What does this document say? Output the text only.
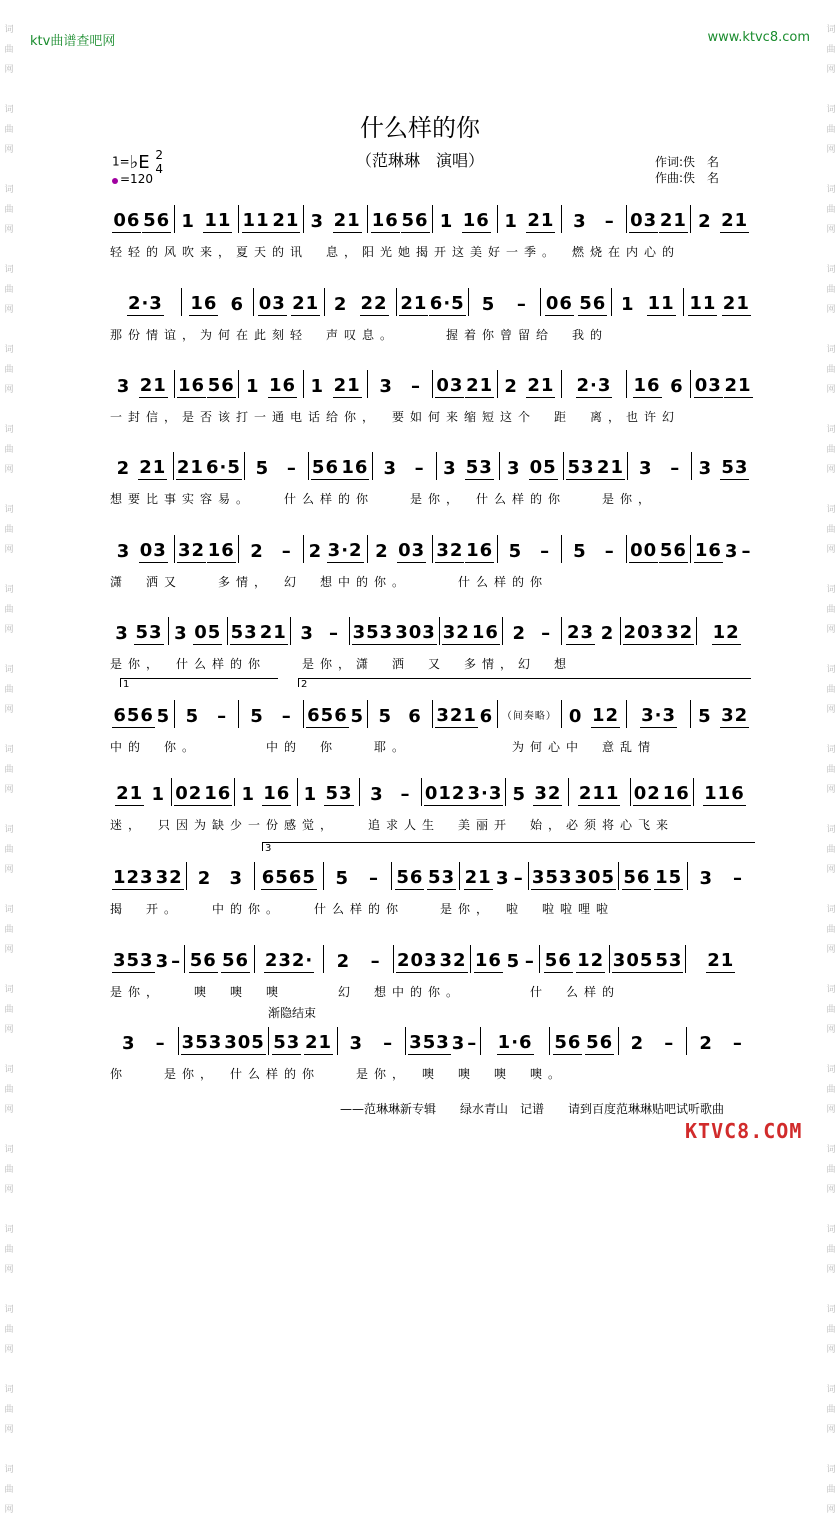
词
曲
网

词
曲
网

词
曲
网

词
曲
网

词
曲
网

词
曲
网

词
曲
网

词
曲
网

词
曲
网

词
曲
网

词
曲
网

词
曲
网

词
曲
网

词
曲
网

词
曲
网

词
曲
网

词
曲
网

词
曲
网

词
曲
网

词
曲
网

词
曲
网

词
曲
网

词
曲
网

词
曲
网

词
曲
网

词
曲
网

词
曲
网

词
曲
网

词
曲
网

词
曲
网

词
曲
网

词
曲
网

词
曲
网

词
曲
网

词
曲
网

词
曲
网

词
曲
网

词
曲
网

ktv曲谱查吧网	www.ktvc8.com
什么样的你
（范琳琳　演唱）	作词:佚　名
作曲:佚　名
1=♭E 2
4
=120
06 56 1 11 11 21 3 21 16 56 1 16 1 21 3 – 03 21 2 21
轻轻的风吹来，夏天的讯　息，阳光她揭开这美好一季。　燃烧在内心的
2·3 16 6 03 21 2 22 21 6·5 5 – 06 56 1 11 11 21
那份情谊，为何在此刻轻　声叹息。　　　握着你曾留给　我的
3 21 16 56 1 16 1 21 3 – 03 21 2 21 2·3 16 6 03 21
一封信，是否该打一通电话给你，　要如何来缩短这个　距　离，也许幻
2 21 21 6·5 5 – 56 16 3 – 3 53 3 05 53 21 3 – 3 53
想要比事实容易。　　什么样的你　　是你，　什么样的你　　是你，
3 03 32 16 2 – 2 3·2 2 03 32 16 5 – 5 – 00 56 16 3 –
潇　洒又　　多情，　幻　想中的你。　　　什么样的你
3 53 3 05 53 21 3 – 353 303 32 16 2 – 23 2 203 32 12
是你，　什么样的你　　是你，潇　洒　又　多情，幻　想
656 5 5 – 5 – 656 5 5 6 321 6 （间奏略） 0 12 3·3 5 32
中的　你。　　　　中的　你　　耶。　　　　　　为何心中　意乱情
21 1 02 16 1 16 1 53 3 – 012 3·3 5 32 211 02 16 116
迷，　只因为缺少一份感觉，　　追求人生　美丽开　始，必须将心飞来
123 32 2 3 6565 5 – 56 53 21 3 – 353 305 56 15 3 –
揭　开。　　中的你。　　什么样的你　　是你，　啦　啦啦哩啦
353 3 – 56 56 232· 2 – 203 32 16 5 – 56 12 305 53 21
是你，　　噢　噢　噢　　　幻　想中的你。　　　　什　么样的
3 – 353 305 53 21 3 – 353 3 – 1·6 56 56 2 – 2 –
你　　是你，　什么样的你　　是你，　噢　噢　噢　噢。
渐隐结束
——范琳琳新专辑　　绿水青山　记谱　　请到百度范琳琳贴吧试听歌曲
KTVC8.COM
1	2
3
